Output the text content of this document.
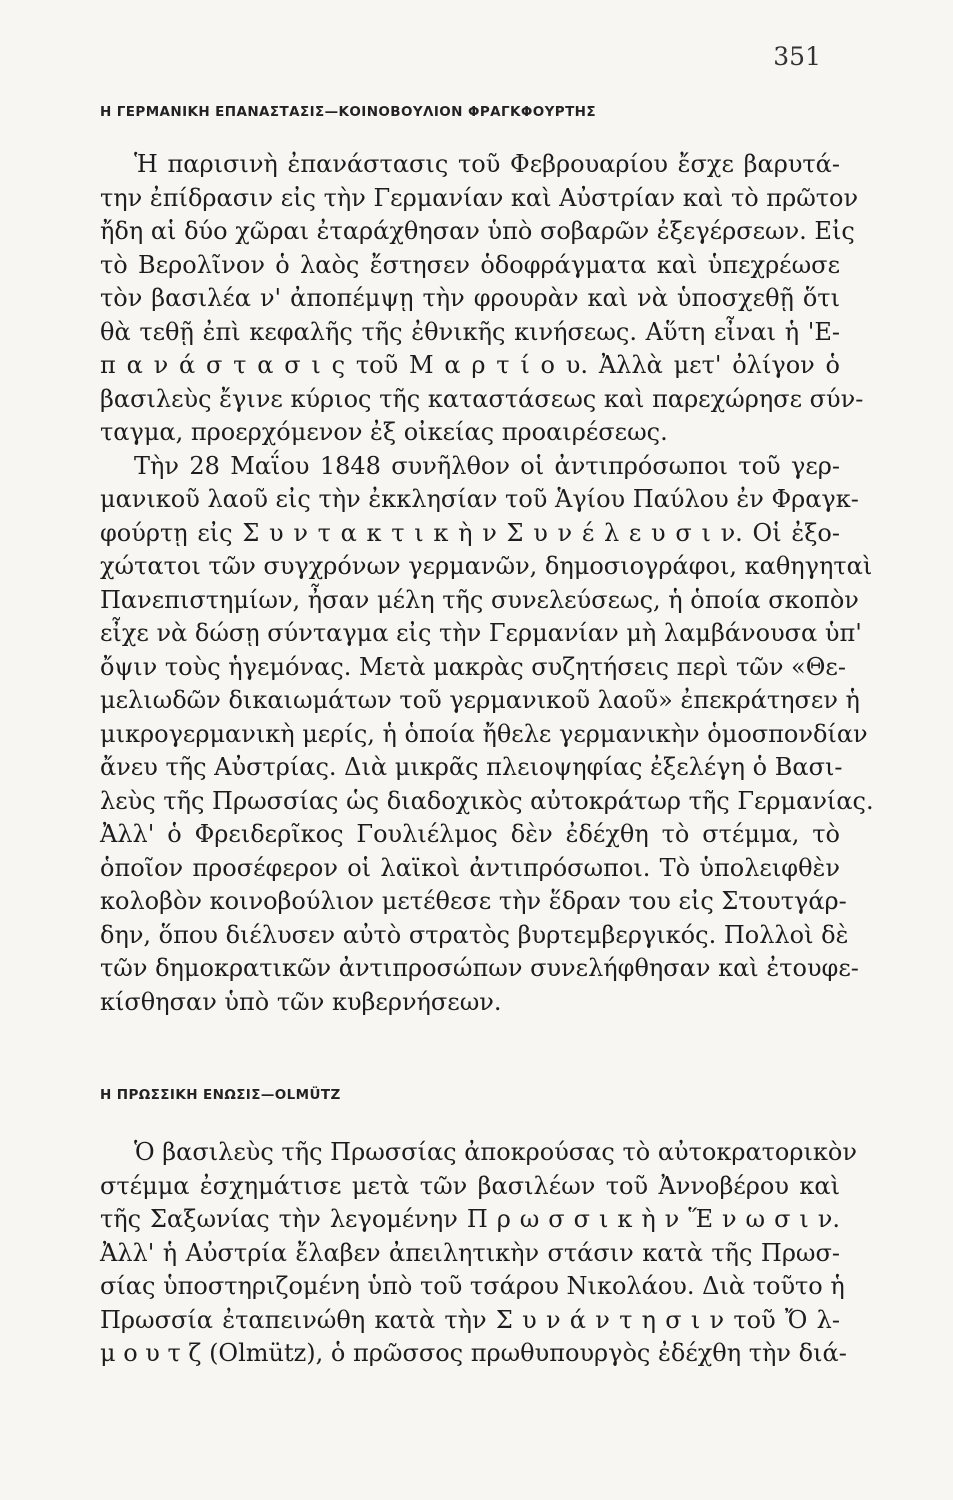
351
Η ΓΕΡΜΑΝΙΚΗ ΕΠΑΝΑΣΤΑΣΙΣ—ΚΟΙΝΟΒΟΥΛΙΟΝ ΦΡΑΓΚΦΟΥΡΤΗΣ
Ἡ παρισινὴ ἐπανάστασις τοῦ Φεβρουαρίου ἔσχε βαρυτά-
την ἐπίδρασιν εἰς τὴν Γερμανίαν καὶ Αὐστρίαν καὶ τὸ πρῶτον
ἤδη αἱ δύο χῶραι ἐταράχθησαν ὑπὸ σοβαρῶν ἐξεγέρσεων. Εἰς
τὸ Βερολῖνον ὁ λαὸς ἔστησεν ὁδοφράγματα καὶ ὑπεχρέωσε
τὸν βασιλέα ν' ἀποπέμψῃ τὴν φρουρὰν καὶ νὰ ὑποσχεθῇ ὅτι
θὰ τεθῇ ἐπὶ κεφαλῆς τῆς ἐθνικῆς κινήσεως. Αὕτη εἶναι ἡ 'Ε-
π α ν ά σ τ α σ ι ς τοῦ Μ α ρ τ ί ο υ. Ἀλλὰ μετ' ὀλίγον ὁ
βασιλεὺς ἔγινε κύριος τῆς καταστάσεως καὶ παρεχώρησε σύν-
ταγμα, προερχόμενον ἐξ οἰκείας προαιρέσεως.
Τὴν 28 Μαΐου 1848 συνῆλθον οἱ ἀντιπρόσωποι τοῦ γερ-
μανικοῦ λαοῦ εἰς τὴν ἐκκλησίαν τοῦ Ἁγίου Παύλου ἐν Φραγκ-
φούρτῃ εἰς Σ υ ν τ α κ τ ι κ ὴ ν Σ υ ν έ λ ε υ σ ι ν. Οἱ ἐξο-
χώτατοι τῶν συγχρόνων γερμανῶν, δημοσιογράφοι, καθηγηταὶ
Πανεπιστημίων, ἦσαν μέλη τῆς συνελεύσεως, ἡ ὁποία σκοπὸν
εἶχε νὰ δώσῃ σύνταγμα εἰς τὴν Γερμανίαν μὴ λαμβάνουσα ὑπ'
ὄψιν τοὺς ἡγεμόνας. Μετὰ μακρὰς συζητήσεις περὶ τῶν «Θε-
μελιωδῶν δικαιωμάτων τοῦ γερμανικοῦ λαοῦ» ἐπεκράτησεν ἡ
μικρογερμανικὴ μερίς, ἡ ὁποία ἤθελε γερμανικὴν ὁμοσπονδίαν
ἄνευ τῆς Αὐστρίας. Διὰ μικρᾶς πλειοψηφίας ἐξελέγη ὁ Βασι-
λεὺς τῆς Πρωσσίας ὡς διαδοχικὸς αὐτοκράτωρ τῆς Γερμανίας.
Ἀλλ' ὁ Φρειδερῖκος Γουλιέλμος δὲν ἐδέχθη τὸ στέμμα, τὸ
ὁποῖον προσέφερον οἱ λαϊκοὶ ἀντιπρόσωποι. Τὸ ὑπολειφθὲν
κολοβὸν κοινοβούλιον μετέθεσε τὴν ἕδραν του εἰς Στουτγάρ-
δην, ὅπου διέλυσεν αὐτὸ στρατὸς βυρτεμβεργικός. Πολλοὶ δὲ
τῶν δημοκρατικῶν ἀντιπροσώπων συνελήφθησαν καὶ ἐτουφε-
κίσθησαν ὑπὸ τῶν κυβερνήσεων.
Η ΠΡΩΣΣΙΚΗ ΕΝΩΣΙΣ—OLMÜTZ
Ὁ βασιλεὺς τῆς Πρωσσίας ἀποκρούσας τὸ αὐτοκρατορικὸν
στέμμα ἐσχημάτισε μετὰ τῶν βασιλέων τοῦ Ἀννοβέρου καὶ
τῆς Σαξωνίας τὴν λεγομένην Π ρ ω σ σ ι κ ὴ ν Ἕ ν ω σ ι ν.
Ἀλλ' ἡ Αὐστρία ἔλαβεν ἀπειλητικὴν στάσιν κατὰ τῆς Πρωσ-
σίας ὑποστηριζομένη ὑπὸ τοῦ τσάρου Νικολάου. Διὰ τοῦτο ἡ
Πρωσσία ἐταπεινώθη κατὰ τὴν Σ υ ν ά ν τ η σ ι ν τοῦ Ὄ λ-
μ ο υ τ ζ (Olmütz), ὁ πρῶσσος πρωθυπουργὸς ἐδέχθη τὴν διά-
